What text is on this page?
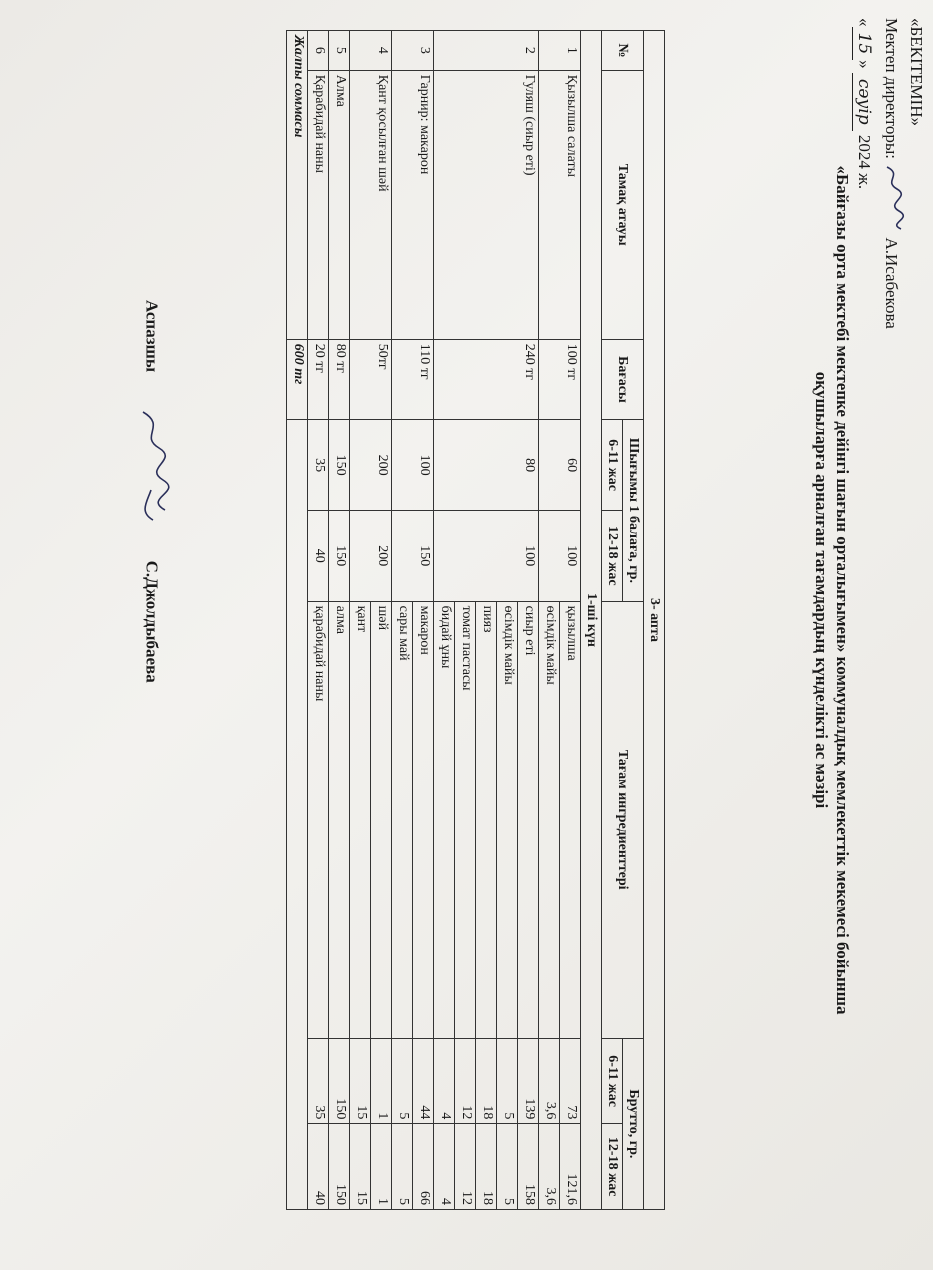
«БЕКІТЕМІН»
Мектеп директоры:  А.Исабекова
«15» сәуір 2024 ж.
«Байғазы орта мектебі мектепке дейінгі шағын орталығымен» коммуналдық мемлекеттік мекемесі бойынша
оқушыларға арналған тағамдардың күнделікті ас мәзірі
3- апта							
№	Тамақ атауы	Бағасы	Шығымы 1 балаға, гр.		Тағам ингредиенттері	Брутто, гр.	
			6-11 жас	12-18 жас		6-11 жас	12-18 жас
1-ші күн							
1	Қызылша салаты	100 тг	60	100	қызылша	73	121,6
					өсімдік майы	3,6	3,6
2	Гуляш (сиыр еті)	240 тг	80	100	сиыр еті	139	158
					өсімдік майы	5	5
					пияз	18	18
					томат пастасы	12	12
					бидай ұны	4	4
3	Гарнир: макарон	110 тг	100	150	макарон	44	66
					сары май	5	5
4	Қант қосылған шәй	50тг	200	200	шәй	1	1
					қант	15	15
5	Алма	80 тг	150	150	алма	150	150
6	Қарабидай наны	20 тг	35	40	қарабидай наны	35	40
Жалпы соммасы		600 тг					
Аспазшы  С.Джолдыбаева
